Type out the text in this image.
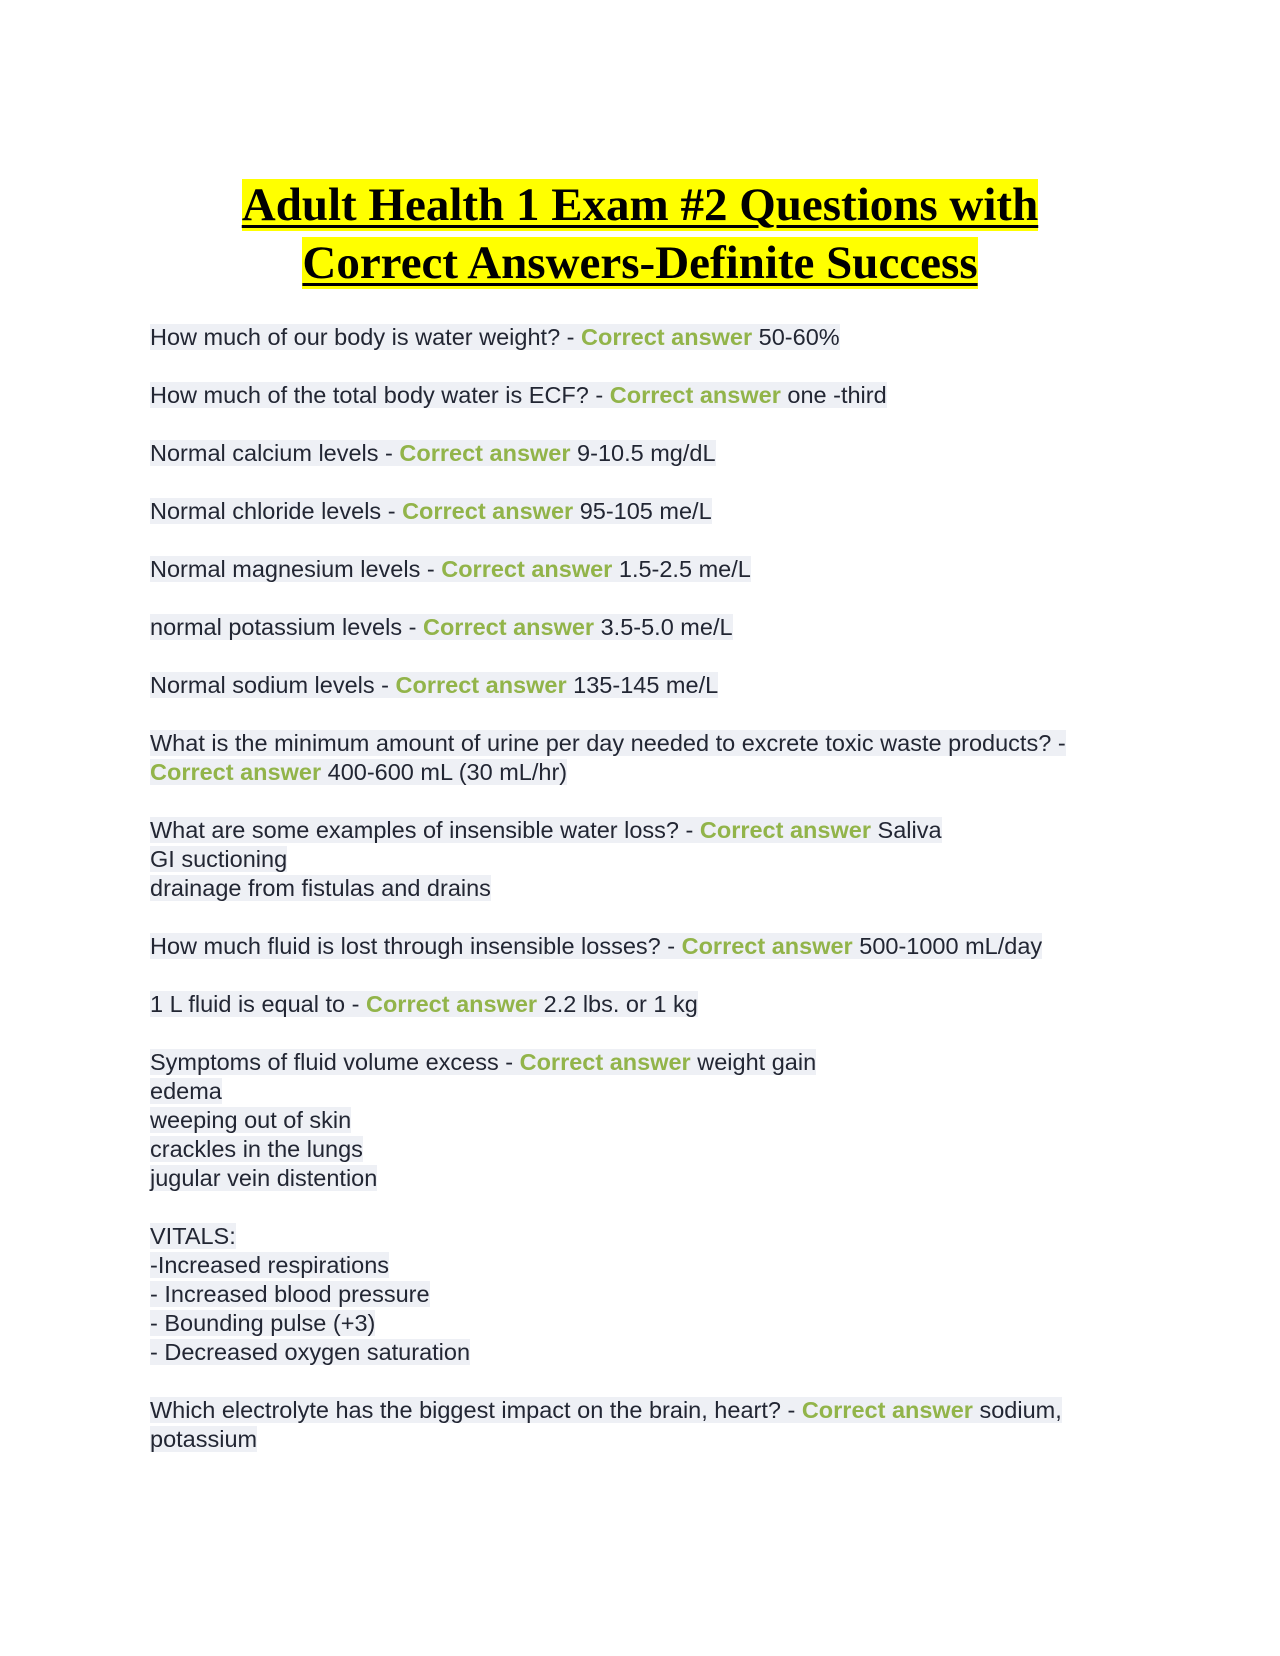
Adult Health 1 Exam #2 Questions with
Correct Answers-Definite Success
How much of our body is water weight? - Correct answer 50-60%
How much of the total body water is ECF? - Correct answer one -third
Normal calcium levels - Correct answer 9-10.5 mg/dL
Normal chloride levels - Correct answer 95-105 me/L
Normal magnesium levels - Correct answer 1.5-2.5 me/L
normal potassium levels - Correct answer 3.5-5.0 me/L
Normal sodium levels - Correct answer 135-145 me/L
What is the minimum amount of urine per day needed to excrete toxic waste products? -
Correct answer 400-600 mL (30 mL/hr)
What are some examples of insensible water loss? - Correct answer Saliva
GI suctioning
drainage from fistulas and drains
How much fluid is lost through insensible losses? - Correct answer 500-1000 mL/day
1 L fluid is equal to - Correct answer 2.2 lbs. or 1 kg
Symptoms of fluid volume excess - Correct answer weight gain
edema
weeping out of skin
crackles in the lungs
jugular vein distention
VITALS:
-Increased respirations
- Increased blood pressure
- Bounding pulse (+3)
- Decreased oxygen saturation
Which electrolyte has the biggest impact on the brain, heart? - Correct answer sodium,
potassium
